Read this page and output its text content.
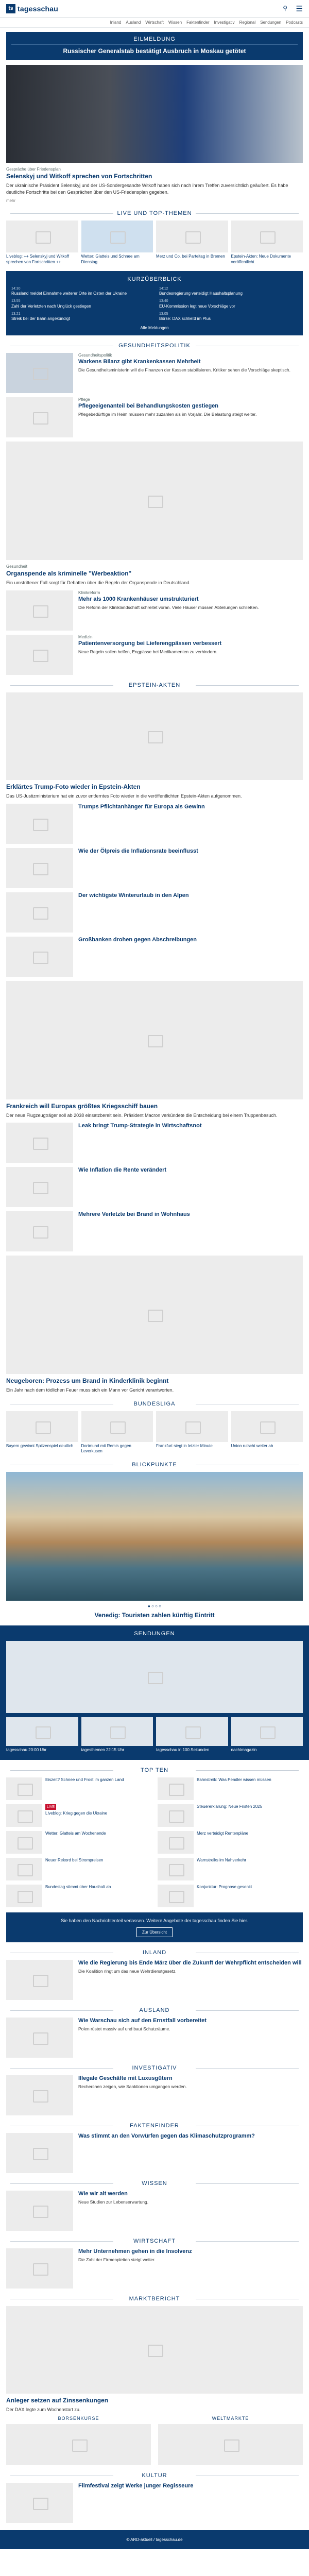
ts tagesschau	⚲ ☰
Inland Ausland Wirtschaft Wissen Faktenfinder Investigativ Regional Sendungen Podcasts
EILMELDUNG
Russischer Generalstab bestätigt Ausbruch in Moskau getötet
Gespräche über Friedensplan
Selenskyj und Witkoff sprechen von Fortschritten

Der ukrainische Präsident Selenskyj und der US-Sondergesandte Witkoff haben sich nach ihrem Treffen zuversichtlich geäußert. Es habe deutliche Fortschritte bei den Gesprächen über den US-Friedensplan gegeben.

mehr
LIVE UND TOP-THEMEN
Liveblog: ++ Selenskyj und Witkoff sprechen von Fortschritten ++
Wetter: Glatteis und Schnee am Dienstag
Merz und Co. bei Parteitag in Bremen	Epstein-Akten: Neue Dokumente veröffentlicht
KURZÜBERBLICK
14:30
Russland meldet Einnahme weiterer Orte im Osten der Ukraine
14:12
Bundesregierung verteidigt Haushaltsplanung
13:55
Zahl der Verletzten nach Unglück gestiegen
13:40
EU-Kommission legt neue Vorschläge vor
13:21
Streik bei der Bahn angekündigt
13:05
Börse: DAX schließt im Plus
Alle Meldungen
GESUNDHEITSPOLITIK
Gesundheitspolitik
Warkens Bilanz gibt Krankenkassen Mehrheit
Die Gesundheitsministerin will die Finanzen der Kassen stabilisieren. Kritiker sehen die Vorschläge skeptisch.
Pflege
Pflegeeigenanteil bei Behandlungskosten gestiegen
Pflegebedürftige im Heim müssen mehr zuzahlen als im Vorjahr. Die Belastung steigt weiter.
Gesundheit
Organspende als kriminelle "Werbeaktion"

Ein umstrittener Fall sorgt für Debatten über die Regeln der Organspende in Deutschland.

Klinikreform
Mehr als 1000 Krankenhäuser umstrukturiert
Die Reform der Kliniklandschaft schreitet voran. Viele Häuser müssen Abteilungen schließen.
Medizin
Patientenversorgung bei Lieferengpässen verbessert
Neue Regeln sollen helfen, Engpässe bei Medikamenten zu verhindern.
EPSTEIN-AKTEN
Erklärtes Trump-Foto wieder in Epstein-Akten

Das US-Justizministerium hat ein zuvor entferntes Foto wieder in die veröffentlichten Epstein-Akten aufgenommen.

Trumps Pflichtanhänger für Europa als Gewinn
Wie der Ölpreis die Inflationsrate beeinflusst
Der wichtigste Winterurlaub in den Alpen
Großbanken drohen gegen Abschreibungen
Frankreich will Europas größtes Kriegsschiff bauen

Der neue Flugzeugträger soll ab 2038 einsatzbereit sein. Präsident Macron verkündete die Entscheidung bei einem Truppenbesuch.

Leak bringt Trump-Strategie in Wirtschaftsnot
Wie Inflation die Rente verändert
Mehrere Verletzte bei Brand in Wohnhaus
Neugeboren: Prozess um Brand in Kinderklinik beginnt

Ein Jahr nach dem tödlichen Feuer muss sich ein Mann vor Gericht verantworten.

BUNDESLIGA
Bayern gewinnt Spitzenspiel deutlich	Dortmund mit Remis gegen Leverkusen
Frankfurt siegt in letzter Minute	Union rutscht weiter ab
BLICKPUNKTE
● ○ ○ ○
Venedig: Touristen zahlen künftig Eintritt
SENDUNGEN
tagesschau 20:00 Uhr	tagesthemen 22:15 Uhr	tagesschau in 100 Sekunden	nachtmagazin
TOP TEN
Eiszeit? Schnee und Frost im ganzen Land	Bahnstreik: Was Pendler wissen müssen
LIVE
Liveblog: Krieg gegen die Ukraine
Steuererklärung: Neue Fristen 2025
Wetter: Glatteis am Wochenende	Merz verteidigt Rentenpläne
Neuer Rekord bei Strompreisen	Warnstreiks im Nahverkehr
Bundestag stimmt über Haushalt ab	Konjunktur: Prognose gesenkt
Sie haben den Nachrichtenteil verlassen. Weitere Angebote der tagesschau finden Sie hier.
Zur Übersicht
INLAND
Wie die Regierung bis Ende März über die Zukunft der Wehrpflicht entscheiden will
Die Koalition ringt um das neue Wehrdienstgesetz.
AUSLAND
Wie Warschau sich auf den Ernstfall vorbereitet
Polen rüstet massiv auf und baut Schutzräume.
INVESTIGATIV
Illegale Geschäfte mit Luxusgütern
Recherchen zeigen, wie Sanktionen umgangen werden.
FAKTENFINDER
Was stimmt an den Vorwürfen gegen das Klimaschutzprogramm?
WISSEN
Wie wir alt werden
Neue Studien zur Lebenserwartung.
WIRTSCHAFT
Mehr Unternehmen gehen in die Insolvenz
Die Zahl der Firmenpleiten steigt weiter.
MARKTBERICHT
Anleger setzen auf Zinssenkungen

Der DAX legte zum Wochenstart zu.

BÖRSENKURSE	WELTMÄRKTE
KULTUR
Filmfestival zeigt Werke junger Regisseure
© ARD-aktuell / tagesschau.de
